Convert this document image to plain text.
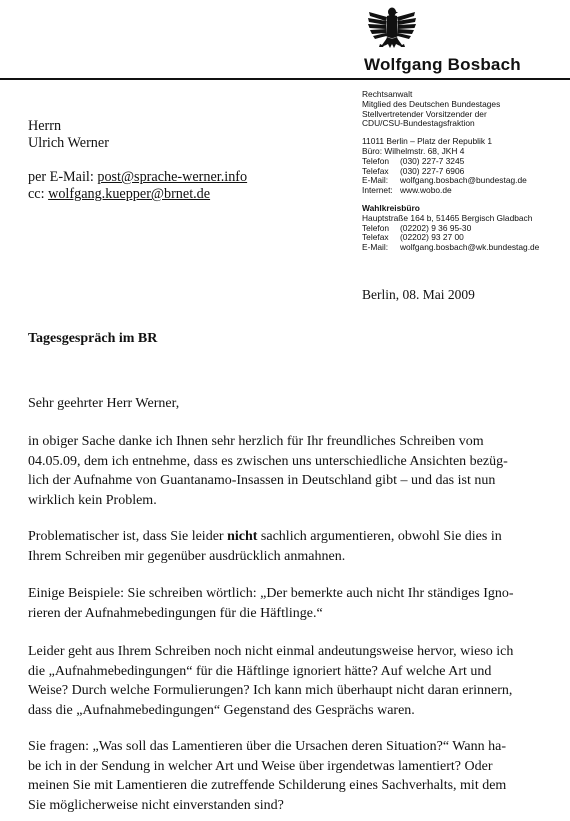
Wolfgang Bosbach
Rechtsanwalt
Mitglied des Deutschen Bundestages
Stellvertretender Vorsitzender der
CDU/CSU-Bundestagsfraktion
11011 Berlin – Platz der Republik 1
Büro: Wilhelmstr. 68, JKH 4
Telefon	(030) 227-7 3245
Telefax	(030) 227-7 6906
E-Mail:	wolfgang.bosbach@bundestag.de
Internet: www.wobo.de
Wahlkreisbüro
Hauptstraße 164 b, 51465 Bergisch Gladbach
Telefon	(02202) 9 36 95-30
Telefax	(02202) 93 27 00
E-Mail:	wolfgang.bosbach@wk.bundestag.de
Herrn
Ulrich Werner
per E-Mail: post@sprache-werner.info
cc: wolfgang.kuepper@brnet.de
Berlin, 08. Mai 2009
Tagesgespräch im BR
Sehr geehrter Herr Werner,
in obiger Sache danke ich Ihnen sehr herzlich für Ihr freundliches Schreiben vom
04.05.09, dem ich entnehme, dass es zwischen uns unterschiedliche Ansichten bezüg-
lich der Aufnahme von Guantanamo-Insassen in Deutschland gibt – und das ist nun
wirklich kein Problem.
Problematischer ist, dass Sie leider nicht sachlich argumentieren, obwohl Sie dies in
Ihrem Schreiben mir gegenüber ausdrücklich anmahnen.
Einige Beispiele: Sie schreiben wörtlich: „Der bemerkte auch nicht Ihr ständiges Igno-
rieren der Aufnahmebedingungen für die Häftlinge.“
Leider geht aus Ihrem Schreiben noch nicht einmal andeutungsweise hervor, wieso ich
die „Aufnahmebedingungen“ für die Häftlinge ignoriert hätte? Auf welche Art und
Weise? Durch welche Formulierungen? Ich kann mich überhaupt nicht daran erinnern,
dass die „Aufnahmebedingungen“ Gegenstand des Gesprächs waren.
Sie fragen: „Was soll das Lamentieren über die Ursachen deren Situation?“ Wann ha-
be ich in der Sendung in welcher Art und Weise über irgendetwas lamentiert? Oder
meinen Sie mit Lamentieren die zutreffende Schilderung eines Sachverhalts, mit dem
Sie möglicherweise nicht einverstanden sind?
